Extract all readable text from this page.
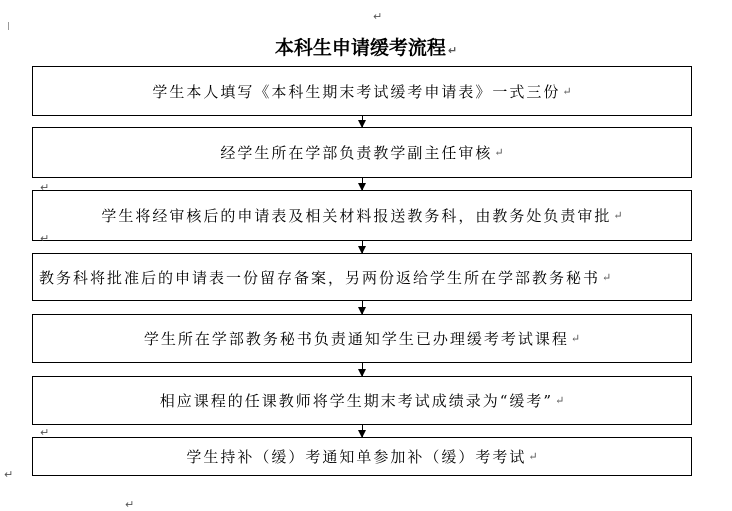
↵
本科生申请缓考流程 ↵
学生本人填写《本科生期末考试缓考申请表》一式三份 ↵
经学生所在学部负责教学副主任审核 ↵
学生将经审核后的申请表及相关材料报送教务科，由教务处负责审批 ↵
教务科将批准后的申请表一份留存备案，另两份返给学生所在学部教务秘书 ↵
学生所在学部教务秘书负责通知学生已办理缓考考试课程 ↵
相应课程的任课教师将学生期末考试成绩录为“缓考” ↵
学生持补（缓）考通知单参加补（缓）考考试 ↵
↵
↵
↵
↵
↵
